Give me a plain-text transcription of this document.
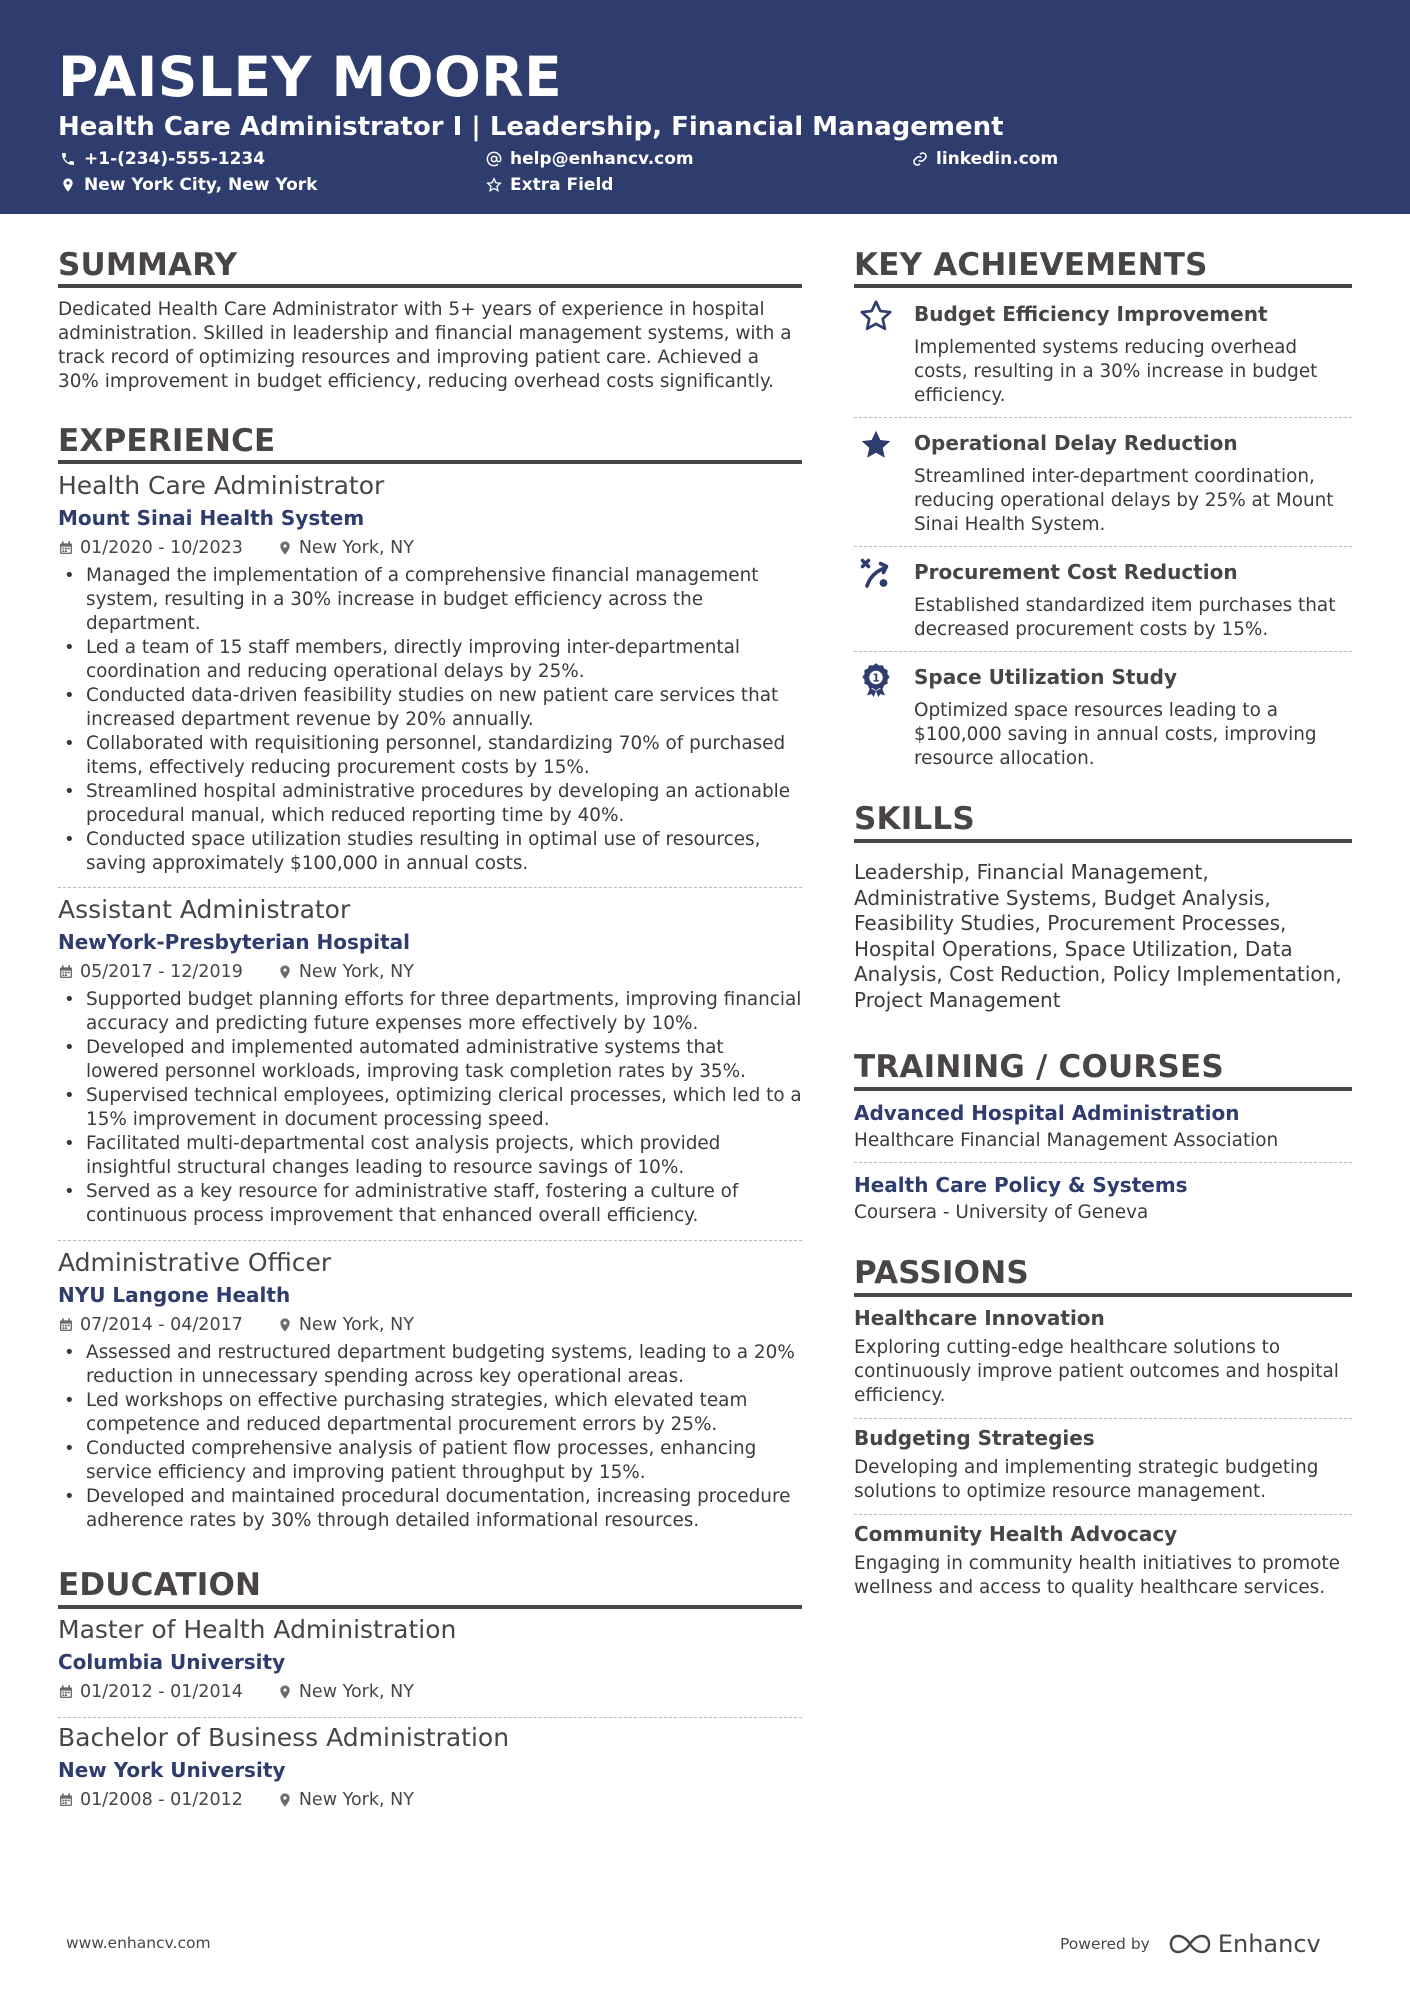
PAISLEY MOORE
Health Care Administrator I | Leadership, Financial Management
+1-(234)-555-1234	help@enhancv.com	linkedin.com
New York City, New York	Extra Field
SUMMARY
Dedicated Health Care Administrator with 5+ years of experience in hospital administration. Skilled in leadership and financial management systems, with a track record of optimizing resources and improving patient care. Achieved a 30% improvement in budget efficiency, reducing overhead costs significantly.
EXPERIENCE
Health Care Administrator
Mount Sinai Health System
01/2020 - 10/2023	New York, NY
• Managed the implementation of a comprehensive financial management system, resulting in a 30% increase in budget efficiency across the department.
• Led a team of 15 staff members, directly improving inter-departmental coordination and reducing operational delays by 25%.
• Conducted data-driven feasibility studies on new patient care services that increased department revenue by 20% annually.
• Collaborated with requisitioning personnel, standardizing 70% of purchased items, effectively reducing procurement costs by 15%.
• Streamlined hospital administrative procedures by developing an actionable procedural manual, which reduced reporting time by 40%.
• Conducted space utilization studies resulting in optimal use of resources, saving approximately $100,000 in annual costs.
Assistant Administrator
NewYork-Presbyterian Hospital
05/2017 - 12/2019	New York, NY
• Supported budget planning efforts for three departments, improving financial accuracy and predicting future expenses more effectively by 10%.
• Developed and implemented automated administrative systems that lowered personnel workloads, improving task completion rates by 35%.
• Supervised technical employees, optimizing clerical processes, which led to a 15% improvement in document processing speed.
• Facilitated multi-departmental cost analysis projects, which provided insightful structural changes leading to resource savings of 10%.
• Served as a key resource for administrative staff, fostering a culture of continuous process improvement that enhanced overall efficiency.
Administrative Officer
NYU Langone Health
07/2014 - 04/2017	New York, NY
• Assessed and restructured department budgeting systems, leading to a 20% reduction in unnecessary spending across key operational areas.
• Led workshops on effective purchasing strategies, which elevated team competence and reduced departmental procurement errors by 25%.
• Conducted comprehensive analysis of patient flow processes, enhancing service efficiency and improving patient throughput by 15%.
• Developed and maintained procedural documentation, increasing procedure adherence rates by 30% through detailed informational resources.
EDUCATION
Master of Health Administration
Columbia University
01/2012 - 01/2014	New York, NY
Bachelor of Business Administration
New York University
01/2008 - 01/2012	New York, NY
KEY ACHIEVEMENTS
Budget Efficiency Improvement
Implemented systems reducing overhead costs, resulting in a 30% increase in budget efficiency.
Operational Delay Reduction
Streamlined inter-department coordination, reducing operational delays by 25% at Mount Sinai Health System.
Procurement Cost Reduction
Established standardized item purchases that decreased procurement costs by 15%.
1 Space Utilization Study
Optimized space resources leading to a $100,000 saving in annual costs, improving resource allocation.
SKILLS
Leadership, Financial Management, Administrative Systems, Budget Analysis, Feasibility Studies, Procurement Processes, Hospital Operations, Space Utilization, Data Analysis, Cost Reduction, Policy Implementation, Project Management
TRAINING / COURSES
Advanced Hospital Administration
Healthcare Financial Management Association
Health Care Policy & Systems
Coursera - University of Geneva
PASSIONS
Healthcare Innovation
Exploring cutting-edge healthcare solutions to continuously improve patient outcomes and hospital efficiency.
Budgeting Strategies
Developing and implementing strategic budgeting solutions to optimize resource management.
Community Health Advocacy
Engaging in community health initiatives to promote wellness and access to quality healthcare services.
www.enhancv.com	Powered by	Enhancv
